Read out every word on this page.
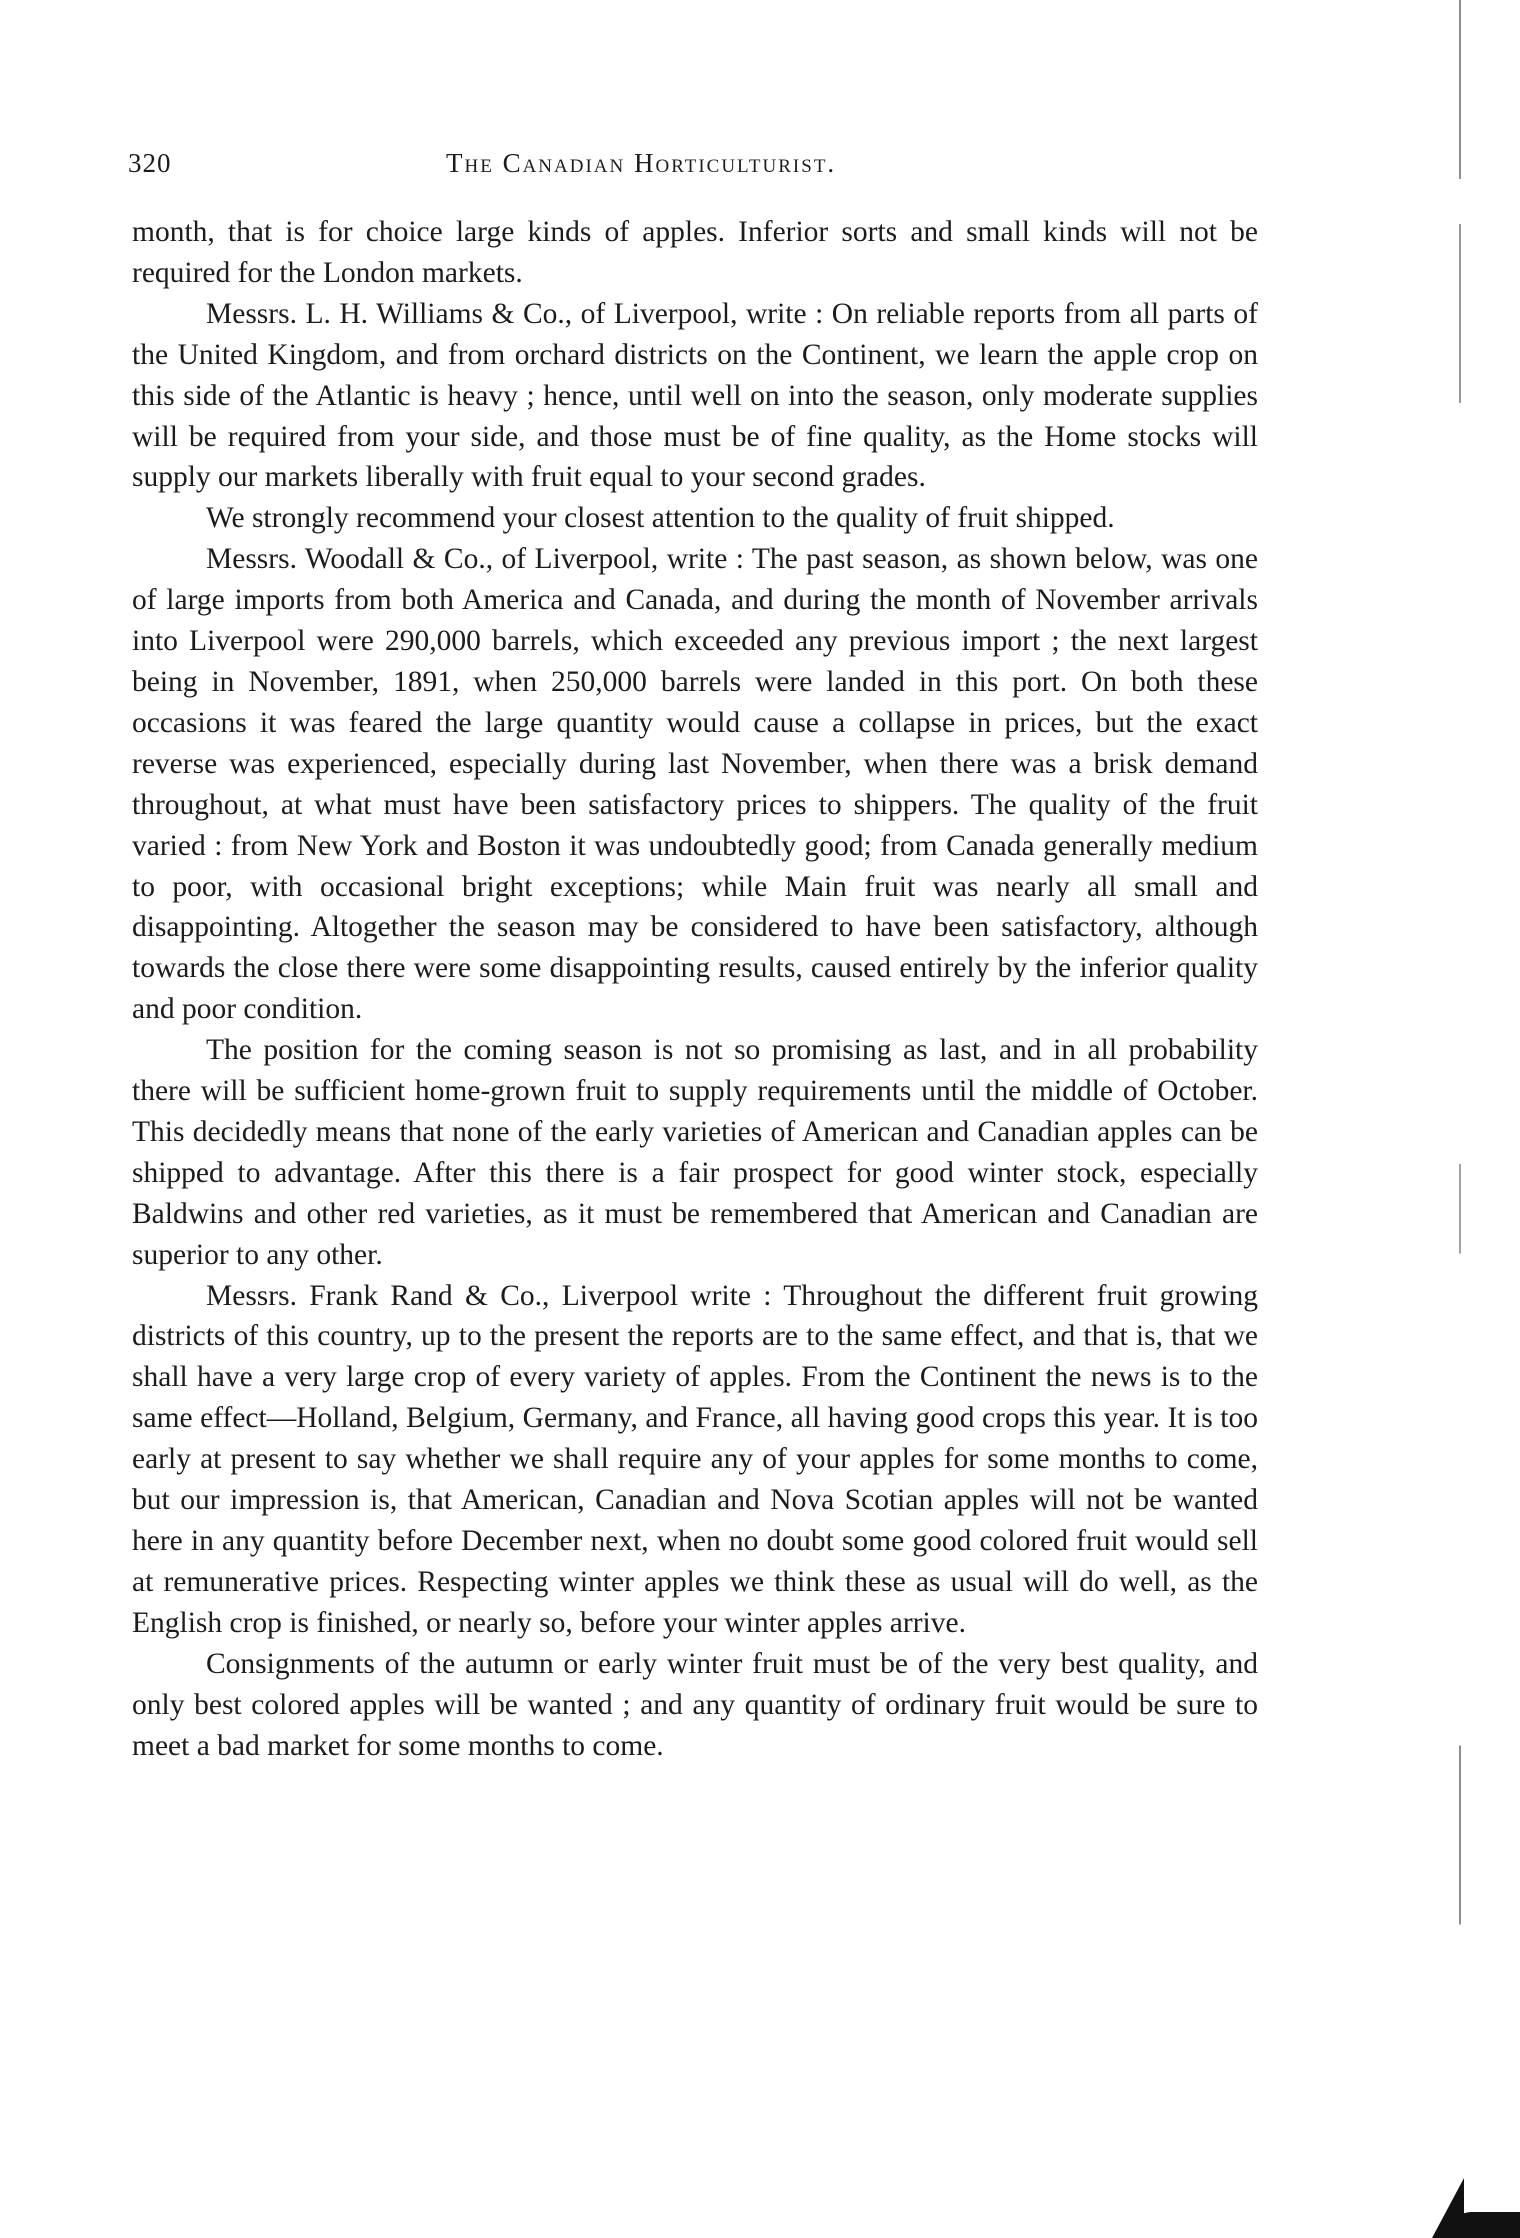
320	The Canadian Horticulturist.

month, that is for choice large kinds of apples. Inferior sorts and small kinds will not be required for the London markets.

Messrs. L. H. Williams & Co., of Liverpool, write : On reliable reports from all parts of the United Kingdom, and from orchard districts on the Continent, we learn the apple crop on this side of the Atlantic is heavy ; hence, until well on into the season, only moderate supplies will be required from your side, and those must be of fine quality, as the Home stocks will supply our markets liberally with fruit equal to your second grades.

We strongly recommend your closest attention to the quality of fruit shipped.

Messrs. Woodall & Co., of Liverpool, write : The past season, as shown below, was one of large imports from both America and Canada, and during the month of November arrivals into Liverpool were 290,000 barrels, which exceeded any previous import ; the next largest being in November, 1891, when 250,000 barrels were landed in this port. On both these occasions it was feared the large quantity would cause a collapse in prices, but the exact reverse was experienced, especially during last November, when there was a brisk demand throughout, at what must have been satisfactory prices to shippers. The quality of the fruit varied : from New York and Boston it was undoubtedly good; from Canada generally medium to poor, with occasional bright exceptions; while Main fruit was nearly all small and disappointing. Altogether the season may be considered to have been satisfactory, although towards the close there were some disappointing results, caused entirely by the inferior quality and poor condition.

The position for the coming season is not so promising as last, and in all probability there will be sufficient home-grown fruit to supply requirements until the middle of October. This decidedly means that none of the early varieties of American and Canadian apples can be shipped to advantage. After this there is a fair prospect for good winter stock, especially Baldwins and other red varieties, as it must be remembered that American and Canadian are superior to any other.

Messrs. Frank Rand & Co., Liverpool write : Throughout the different fruit growing districts of this country, up to the present the reports are to the same effect, and that is, that we shall have a very large crop of every variety of apples. From the Continent the news is to the same effect—Holland, Belgium, Germany, and France, all having good crops this year. It is too early at present to say whether we shall require any of your apples for some months to come, but our impression is, that American, Canadian and Nova Scotian apples will not be wanted here in any quantity before December next, when no doubt some good colored fruit would sell at remunerative prices. Respecting winter apples we think these as usual will do well, as the English crop is finished, or nearly so, before your winter apples arrive.

Consignments of the autumn or early winter fruit must be of the very best quality, and only best colored apples will be wanted ; and any quantity of ordinary fruit would be sure to meet a bad market for some months to come.
